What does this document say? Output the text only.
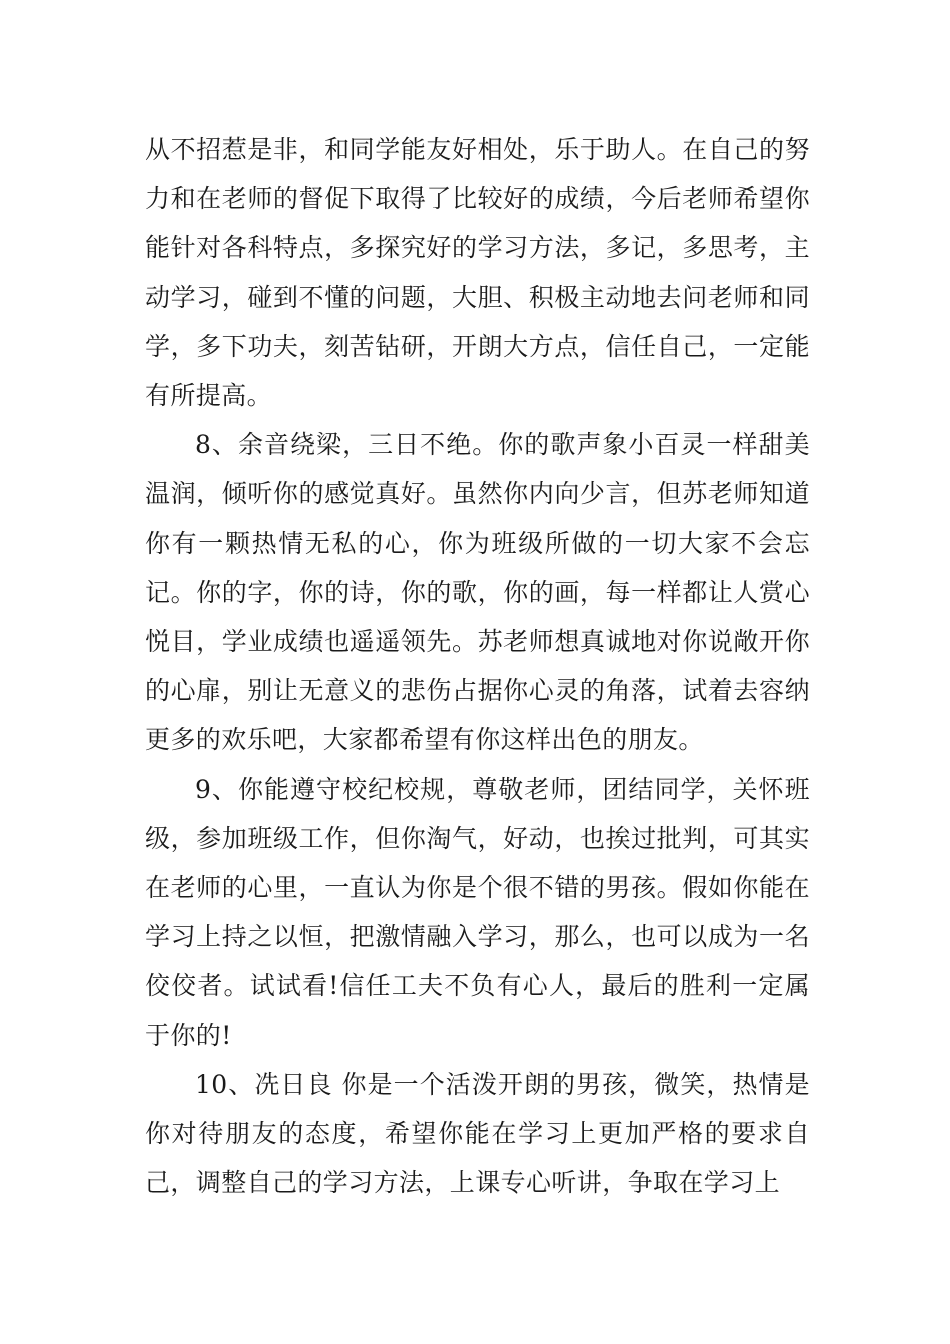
从不招惹是非，和同学能友好相处，乐于助人。在自己的努力和在老师的督促下取得了比较好的成绩，今后老师希望你能针对各科特点，多探究好的学习方法，多记，多思考，主动学习，碰到不懂的问题，大胆、积极主动地去问老师和同学，多下功夫，刻苦钻研，开朗大方点，信任自己，一定能有所提高。

8、余音绕梁，三日不绝。你的歌声象小百灵一样甜美温润，倾听你的感觉真好。虽然你内向少言，但苏老师知道你有一颗热情无私的心，你为班级所做的一切大家不会忘记。你的字，你的诗，你的歌，你的画，每一样都让人赏心悦目，学业成绩也遥遥领先。苏老师想真诚地对你说敞开你的心扉，别让无意义的悲伤占据你心灵的角落，试着去容纳更多的欢乐吧，大家都希望有你这样出色的朋友。

9、你能遵守校纪校规，尊敬老师，团结同学，关怀班级，参加班级工作，但你淘气，好动，也挨过批判，可其实在老师的心里，一直认为你是个很不错的男孩。假如你能在学习上持之以恒，把激情融入学习，那么，也可以成为一名佼佼者。试试看!信任工夫不负有心人，最后的胜利一定属于你的!

10、冼日良 你是一个活泼开朗的男孩，微笑，热情是你对待朋友的态度，希望你能在学习上更加严格的要求自己，调整自己的学习方法，上课专心听讲，争取在学习上
